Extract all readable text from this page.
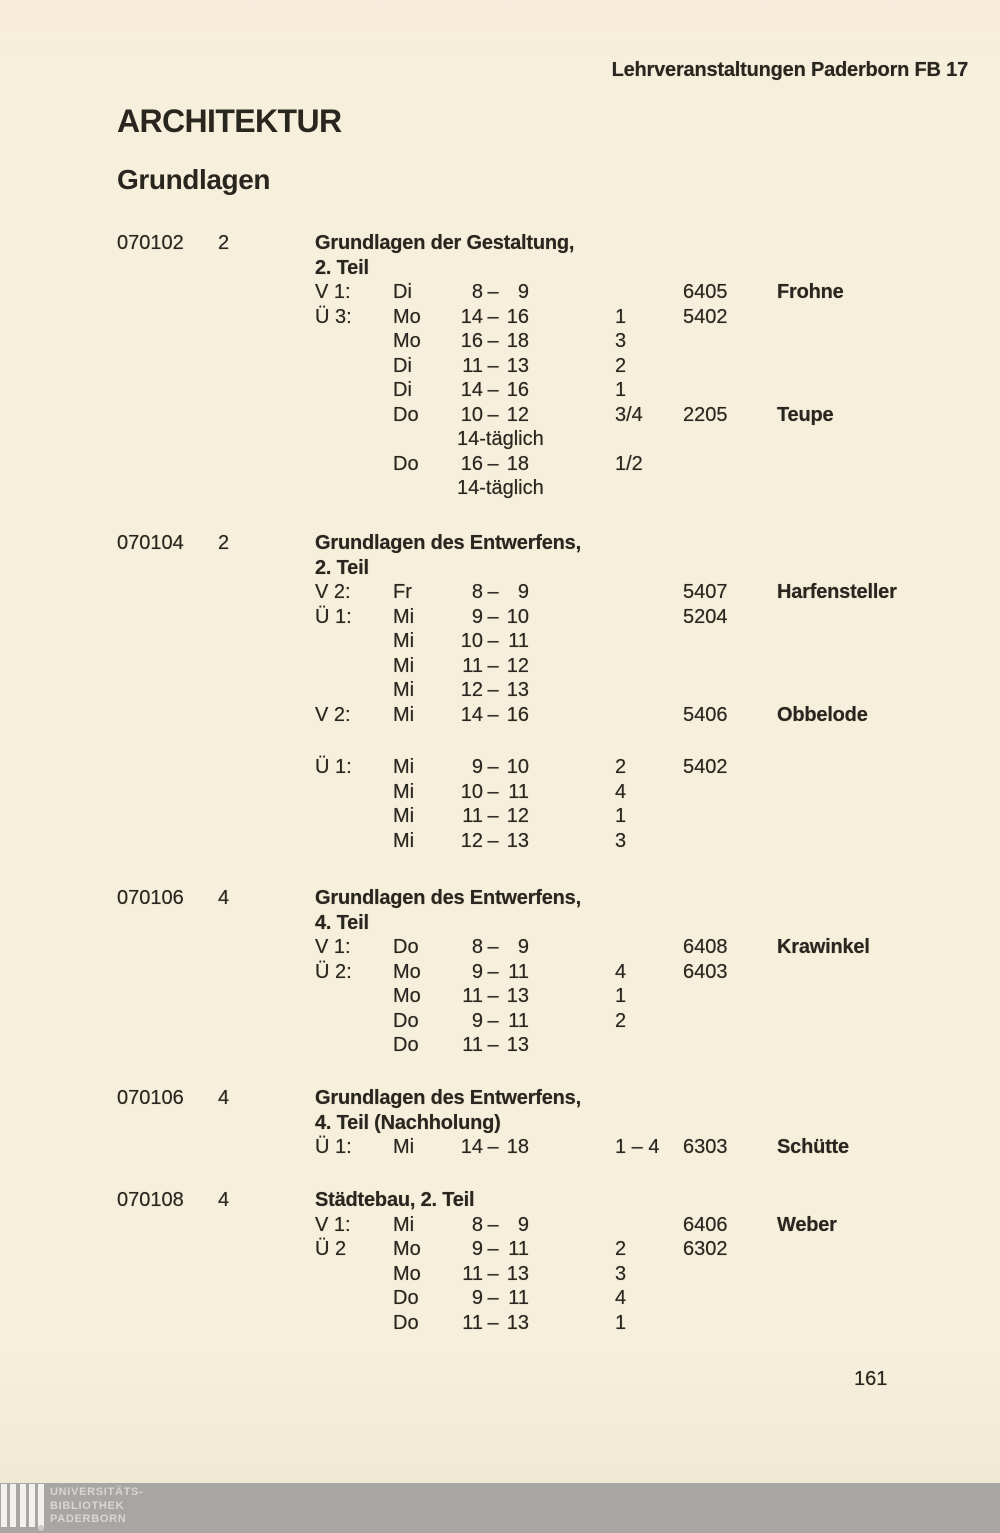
Lehrveranstaltungen Paderborn FB 17
ARCHITEKTUR
Grundlagen
070102	2	Grundlagen der Gestaltung,
2. Teil
V 1:	Di	8 – 9	6405	Frohne
Ü 3:	Mo	14 – 16	1	5402
Mo	16 – 18	3
Di	11 – 13	2
Di	14 – 16	1
Do	10 – 12	3/4	2205	Teupe
14-täglich
Do	16 – 18	1/2
14-täglich
070104	2	Grundlagen des Entwerfens,
2. Teil
V 2:	Fr	8 – 9	5407	Harfensteller
Ü 1:	Mi	9 – 10	5204
Mi	10 – 11
Mi	11 – 12
Mi	12 – 13
V 2:	Mi	14 – 16	5406	Obbelode
Ü 1:	Mi	9 – 10	2	5402
Mi	10 – 11	4
Mi	11 – 12	1
Mi	12 – 13	3
070106	4	Grundlagen des Entwerfens,
4. Teil
V 1:	Do	8 – 9	6408	Krawinkel
Ü 2:	Mo	9 – 11	4	6403
Mo	11 – 13	1
Do	9 – 11	2
Do	11 – 13
070106	4	Grundlagen des Entwerfens,
4. Teil (Nachholung)
Ü 1:	Mi	14 – 18	1 – 4	6303	Schütte
070108	4	Städtebau, 2. Teil
V 1:	Mi	8 – 9	6406	Weber
Ü 2	Mo	9 – 11	2	6302
Mo	11 – 13	3
Do	9 – 11	4
Do	11 – 13	1
161
UNIVERSITÄTS-
BIBLIOTHEK
PADERBORN
